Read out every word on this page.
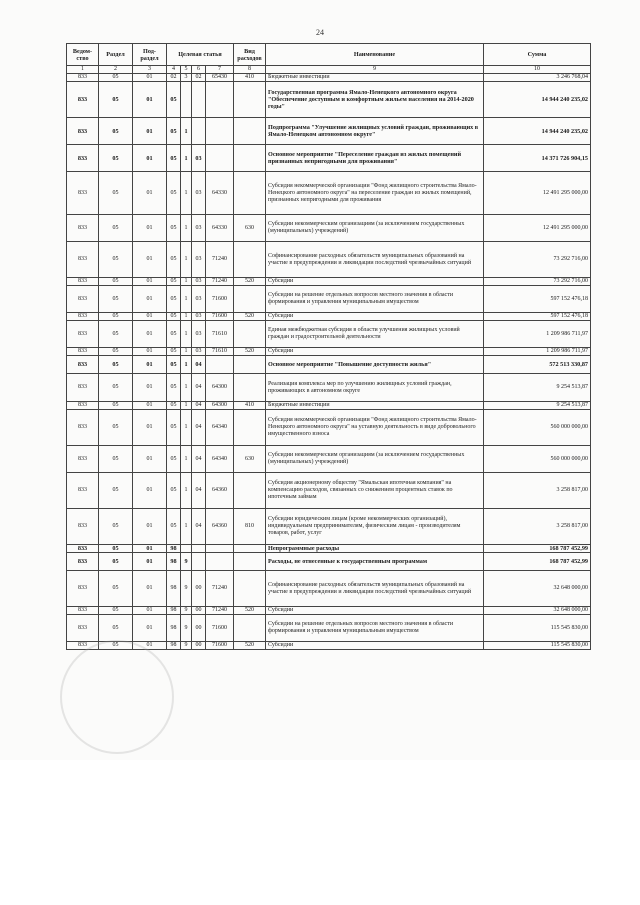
24
Ведом-ство	Раздел	Под-раздел	Целевая статья				Вид расходов	Наименование	Сумма
1	2	3	4	5	6	7	8	9	10
833	05	01	02	3	02	65430	410	Бюджетные инвестиции	3 246 768,04
833	05	01	05					Государственная программа Ямало-Ненецкого автономного округа "Обеспечение доступным и комфортным жильем населения на 2014-2020 годы"	14 944 240 235,02
833	05	01	05	1				Подпрограмма "Улучшение жилищных условий граждан, проживающих в Ямало-Ненецком автономном округе"	14 944 240 235,02
833	05	01	05	1	03			Основное мероприятие "Переселение граждан из жилых помещений признанных непригодными для проживания"	14 371 726 904,15
833	05	01	05	1	03	64330		Субсидия некоммерческой организации "Фонд жилищного строительства Ямало-Ненецкого автономного округа" на переселение граждан из жилых помещений, признанных непригодными для проживания	12 491 295 000,00
833	05	01	05	1	03	64330	630	Субсидии некоммерческим организациям (за исключением государственных (муниципальных) учреждений)	12 491 295 000,00
833	05	01	05	1	03	71240		Софинансирование расходных обязательств муниципальных образований на участие в предупреждении и ликвидации последствий чрезвычайных ситуаций	73 292 716,00
833	05	01	05	1	03	71240	520	Субсидии	73 292 716,00
833	05	01	05	1	03	71600		Субсидии на решение отдельных вопросов местного значения в области формирования и управления муниципальным имуществом	597 152 476,18
833	05	01	05	1	03	71600	520	Субсидии	597 152 476,18
833	05	01	05	1	03	71610		Единая межбюджетная субсидия в области улучшения жилищных условий граждан и градостроительной деятельности	1 209 986 711,97
833	05	01	05	1	03	71610	520	Субсидии	1 209 986 711,97
833	05	01	05	1	04			Основное мероприятие "Повышение доступности жилья"	572 513 330,87
833	05	01	05	1	04	64300		Реализация комплекса мер по улучшению жилищных условий граждан, проживающих в автономном округе	9 254 513,87
833	05	01	05	1	04	64300	410	Бюджетные инвестиции	9 254 513,87
833	05	01	05	1	04	64340		Субсидия некоммерческой организации "Фонд жилищного строительства Ямало-Ненецкого автономного округа" на уставную деятельность в виде добровольного имущественного взноса	560 000 000,00
833	05	01	05	1	04	64340	630	Субсидии некоммерческим организациям (за исключением государственных (муниципальных) учреждений)	560 000 000,00
833	05	01	05	1	04	64360		Субсидия акционерному обществу "Ямальская ипотечная компания" на компенсацию расходов, связанных со снижением процентных ставок по ипотечным займам	3 258 817,00
833	05	01	05	1	04	64360	810	Субсидии юридическим лицам (кроме некоммерческих организаций), индивидуальным предпринимателям, физическим лицам - производителям товаров, работ, услуг	3 258 817,00
833	05	01	98					Непрограммные расходы	168 787 452,99
833	05	01	98	9				Расходы, не отнесенные к государственным программам	168 787 452,99
833	05	01	98	9	00	71240		Софинансирование расходных обязательств муниципальных образований на участие в предупреждении и ликвидации последствий чрезвычайных ситуаций	32 648 000,00
833	05	01	98	9	00	71240	520	Субсидии	32 648 000,00
833	05	01	98	9	00	71600		Субсидии на решение отдельных вопросов местного значения в области формирования и управления муниципальным имуществом	115 545 830,00
833	05	01	98	9	00	71600	520	Субсидии	115 545 830,00
